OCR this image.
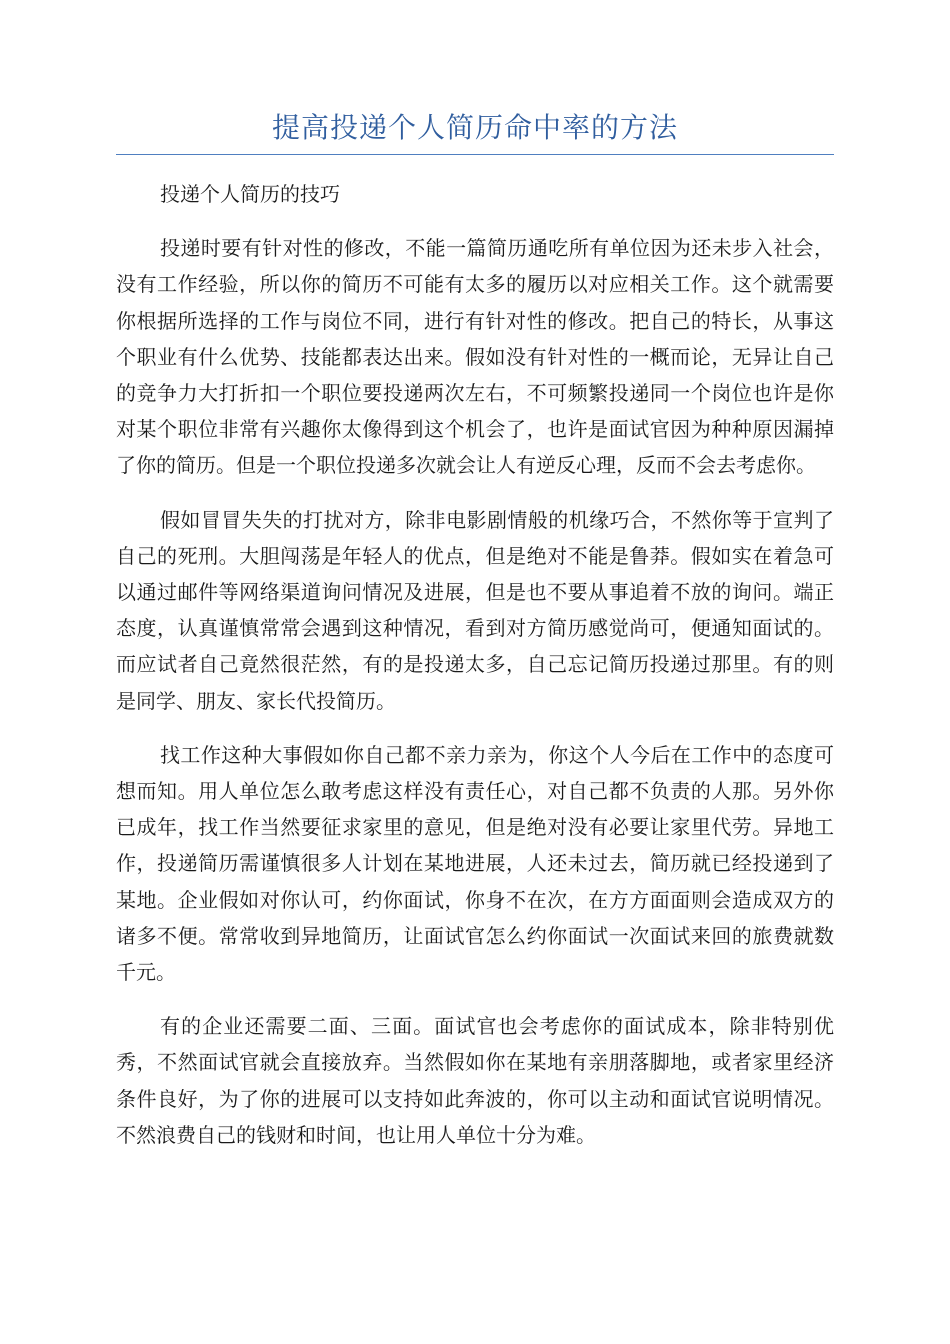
提高投递个人简历命中率的方法

投递个人简历的技巧

投递时要有针对性的修改，不能一篇简历通吃所有单位因为还未步入社会，没有工作经验，所以你的简历不可能有太多的履历以对应相关工作。这个就需要你根据所选择的工作与岗位不同，进行有针对性的修改。把自己的特长，从事这个职业有什么优势、技能都表达出来。假如没有针对性的一概而论，无异让自己的竞争力大打折扣一个职位要投递两次左右，不可频繁投递同一个岗位也许是你对某个职位非常有兴趣你太像得到这个机会了，也许是面试官因为种种原因漏掉了你的简历。但是一个职位投递多次就会让人有逆反心理，反而不会去考虑你。

假如冒冒失失的打扰对方，除非电影剧情般的机缘巧合，不然你等于宣判了自己的死刑。大胆闯荡是年轻人的优点，但是绝对不能是鲁莽。假如实在着急可以通过邮件等网络渠道询问情况及进展，但是也不要从事追着不放的询问。端正态度，认真谨慎常常会遇到这种情况，看到对方简历感觉尚可，便通知面试的。而应试者自己竟然很茫然，有的是投递太多，自己忘记简历投递过那里。有的则是同学、朋友、家长代投简历。

找工作这种大事假如你自己都不亲力亲为，你这个人今后在工作中的态度可想而知。用人单位怎么敢考虑这样没有责任心，对自己都不负责的人那。另外你已成年，找工作当然要征求家里的意见，但是绝对没有必要让家里代劳。异地工作，投递简历需谨慎很多人计划在某地进展，人还未过去，简历就已经投递到了某地。企业假如对你认可，约你面试，你身不在次，在方方面面则会造成双方的诸多不便。常常收到异地简历，让面试官怎么约你面试一次面试来回的旅费就数千元。

有的企业还需要二面、三面。面试官也会考虑你的面试成本，除非特别优秀，不然面试官就会直接放弃。当然假如你在某地有亲朋落脚地，或者家里经济条件良好，为了你的进展可以支持如此奔波的，你可以主动和面试官说明情况。不然浪费自己的钱财和时间，也让用人单位十分为难。
